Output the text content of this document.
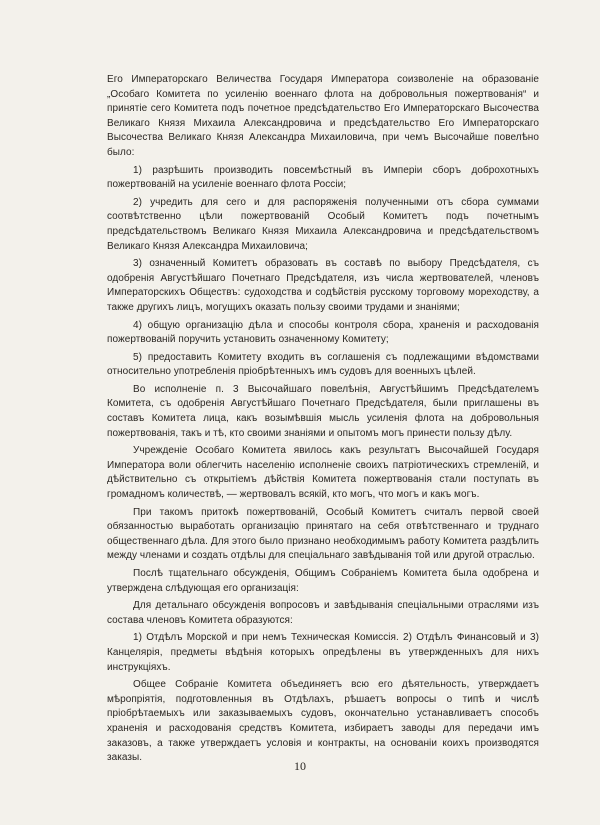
Его Императорскаго Величества Государя Императора соизволеніе на образованіе „Особаго Комитета по усиленію военнаго флота на добровольныя пожертвованія“ и принятіе сего Комитета подъ почетное предсѣдательство Его Императорскаго Высочества Великаго Князя Михаила Александровича и предсѣдательство Его Императорскаго Высочества Великаго Князя Александра Михаиловича, при чемъ Высочайше повелѣно было:

1) разрѣшить производить повсемѣстный въ Имперіи сборъ доброхотныхъ пожертвованій на усиленіе военнаго флота Россіи;

2) учредить для сего и для распоряженія полученными отъ сбора суммами соотвѣтственно цѣли пожертвованій Особый Комитетъ подъ почетнымъ предсѣдательствомъ Великаго Князя Михаила Александровича и предсѣдательствомъ Великаго Князя Александра Михаиловича;

3) означенный Комитетъ образовать въ составѣ по выбору Предсѣдателя, съ одобренія Августѣйшаго Почетнаго Предсѣдателя, изъ числа жертвователей, членовъ Императорскихъ Обществъ: судоходства и содѣйствія русскому торговому мореходству, а также другихъ лицъ, могущихъ оказать пользу своими трудами и знаніями;

4) общую организацію дѣла и способы контроля сбора, храненія и расходованія пожертвованій поручить установить означенному Комитету;

5) предоставить Комитету входить въ соглашенія съ подлежащими вѣдомствами относительно употребленія пріобрѣтенныхъ имъ судовъ для военныхъ цѣлей.

Во исполненіе п. 3 Высочайшаго повелѣнія, Августѣйшимъ Предсѣдателемъ Комитета, съ одобренія Августѣйшаго Почетнаго Предсѣдателя, были приглашены въ составъ Комитета лица, какъ возымѣвшія мысль усиленія флота на добровольныя пожертвованія, такъ и тѣ, кто своими знаніями и опытомъ могъ принести пользу дѣлу.

Учрежденіе Особаго Комитета явилось какъ результатъ Высочайшей Государя Императора воли облегчить населенію исполненіе своихъ патріотическихъ стремленій, и дѣйствительно съ открытіемъ дѣйствія Комитета пожертвованія стали поступать въ громадномъ количествѣ, — жертвовалъ всякій, кто могъ, что могъ и какъ могъ.

При такомъ притокѣ пожертвованій, Особый Комитетъ считалъ первой своей обязанностью выработать организацію принятаго на себя отвѣтственнаго и труднаго общественнаго дѣла. Для этого было признано необходимымъ работу Комитета раздѣлить между членами и создать отдѣлы для спеціальнаго завѣдыванія той или другой отраслью.

Послѣ тщательнаго обсужденія, Общимъ Собраніемъ Комитета была одобрена и утверждена слѣдующая его организація:

Для детальнаго обсужденія вопросовъ и завѣдыванія спеціальными отраслями изъ состава членовъ Комитета образуются:

1) Отдѣлъ Морской и при немъ Техническая Комиссія. 2) Отдѣлъ Финансовый и 3) Канцелярія, предметы вѣдѣнія которыхъ опредѣлены въ утвержденныхъ для нихъ инструкціяхъ.

Общее Собраніе Комитета объединяетъ всю его дѣятельность, утверждаетъ мѣропріятія, подготовленныя въ Отдѣлахъ, рѣшаетъ вопросы о типѣ и числѣ пріобрѣтаемыхъ или заказываемыхъ судовъ, окончательно устанавливаетъ способъ храненія и расходованія средствъ Комитета, избираетъ заводы для передачи имъ заказовъ, а также утверждаетъ условія и контракты, на основаніи коихъ производятся заказы.

10
